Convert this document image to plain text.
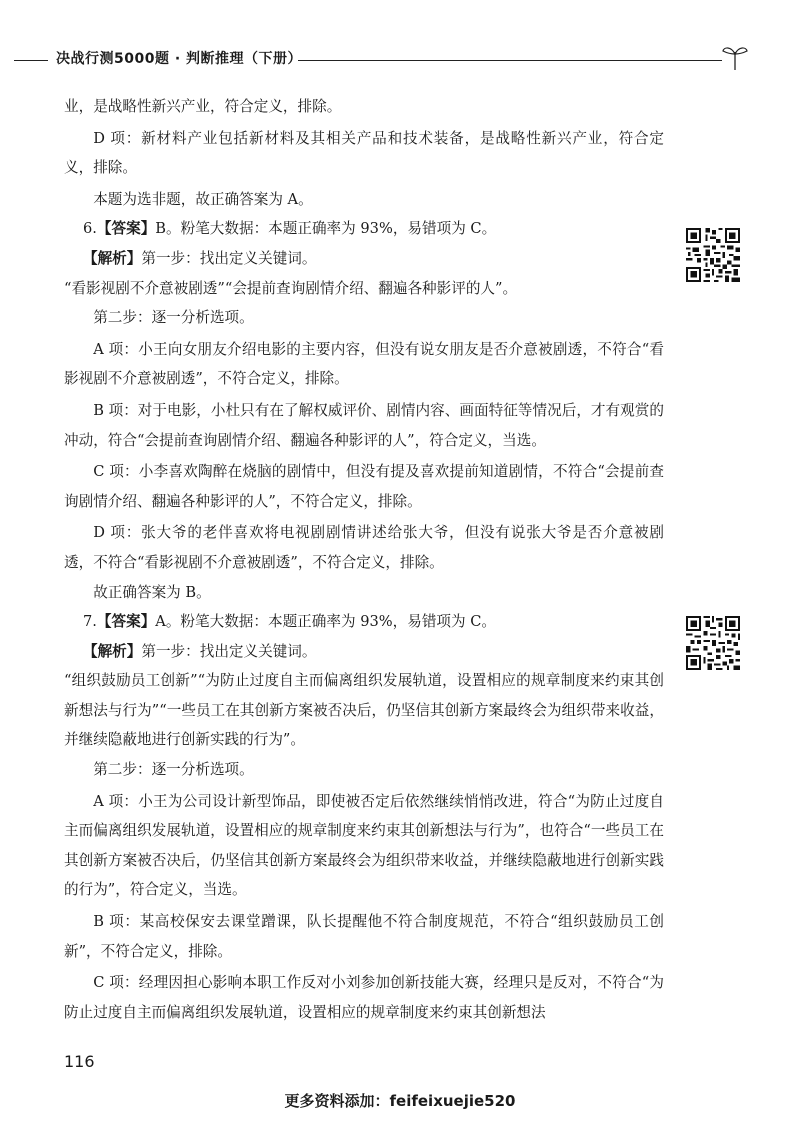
决战行测5000题 · 判断推理（下册）

业，是战略性新兴产业，符合定义，排除。

D 项：新材料产业包括新材料及其相关产品和技术装备，是战略性新兴产业，符合定义，排除。

本题为选非题，故正确答案为 A。

6.【答案】B。粉笔大数据：本题正确率为 93%，易错项为 C。

【解析】第一步：找出定义关键词。

“看影视剧不介意被剧透”“会提前查询剧情介绍、翻遍各种影评的人”。

第二步：逐一分析选项。

A 项：小王向女朋友介绍电影的主要内容，但没有说女朋友是否介意被剧透，不符合“看影视剧不介意被剧透”，不符合定义，排除。

B 项：对于电影，小杜只有在了解权威评价、剧情内容、画面特征等情况后，才有观赏的冲动，符合“会提前查询剧情介绍、翻遍各种影评的人”，符合定义，当选。

C 项：小李喜欢陶醉在烧脑的剧情中，但没有提及喜欢提前知道剧情，不符合“会提前查询剧情介绍、翻遍各种影评的人”，不符合定义，排除。

D 项：张大爷的老伴喜欢将电视剧剧情讲述给张大爷，但没有说张大爷是否介意被剧透，不符合“看影视剧不介意被剧透”，不符合定义，排除。

故正确答案为 B。

7.【答案】A。粉笔大数据：本题正确率为 93%，易错项为 C。

【解析】第一步：找出定义关键词。

“组织鼓励员工创新”“为防止过度自主而偏离组织发展轨道，设置相应的规章制度来约束其创新想法与行为”“一些员工在其创新方案被否决后，仍坚信其创新方案最终会为组织带来收益，并继续隐蔽地进行创新实践的行为”。

第二步：逐一分析选项。

A 项：小王为公司设计新型饰品，即使被否定后依然继续悄悄改进，符合“为防止过度自主而偏离组织发展轨道，设置相应的规章制度来约束其创新想法与行为”，也符合“一些员工在其创新方案被否决后，仍坚信其创新方案最终会为组织带来收益，并继续隐蔽地进行创新实践的行为”，符合定义，当选。

B 项：某高校保安去课堂蹭课，队长提醒他不符合制度规范，不符合“组织鼓励员工创新”，不符合定义，排除。

C 项：经理因担心影响本职工作反对小刘参加创新技能大赛，经理只是反对，不符合“为防止过度自主而偏离组织发展轨道，设置相应的规章制度来约束其创新想法

116
更多资料添加：feifeixuejie520
